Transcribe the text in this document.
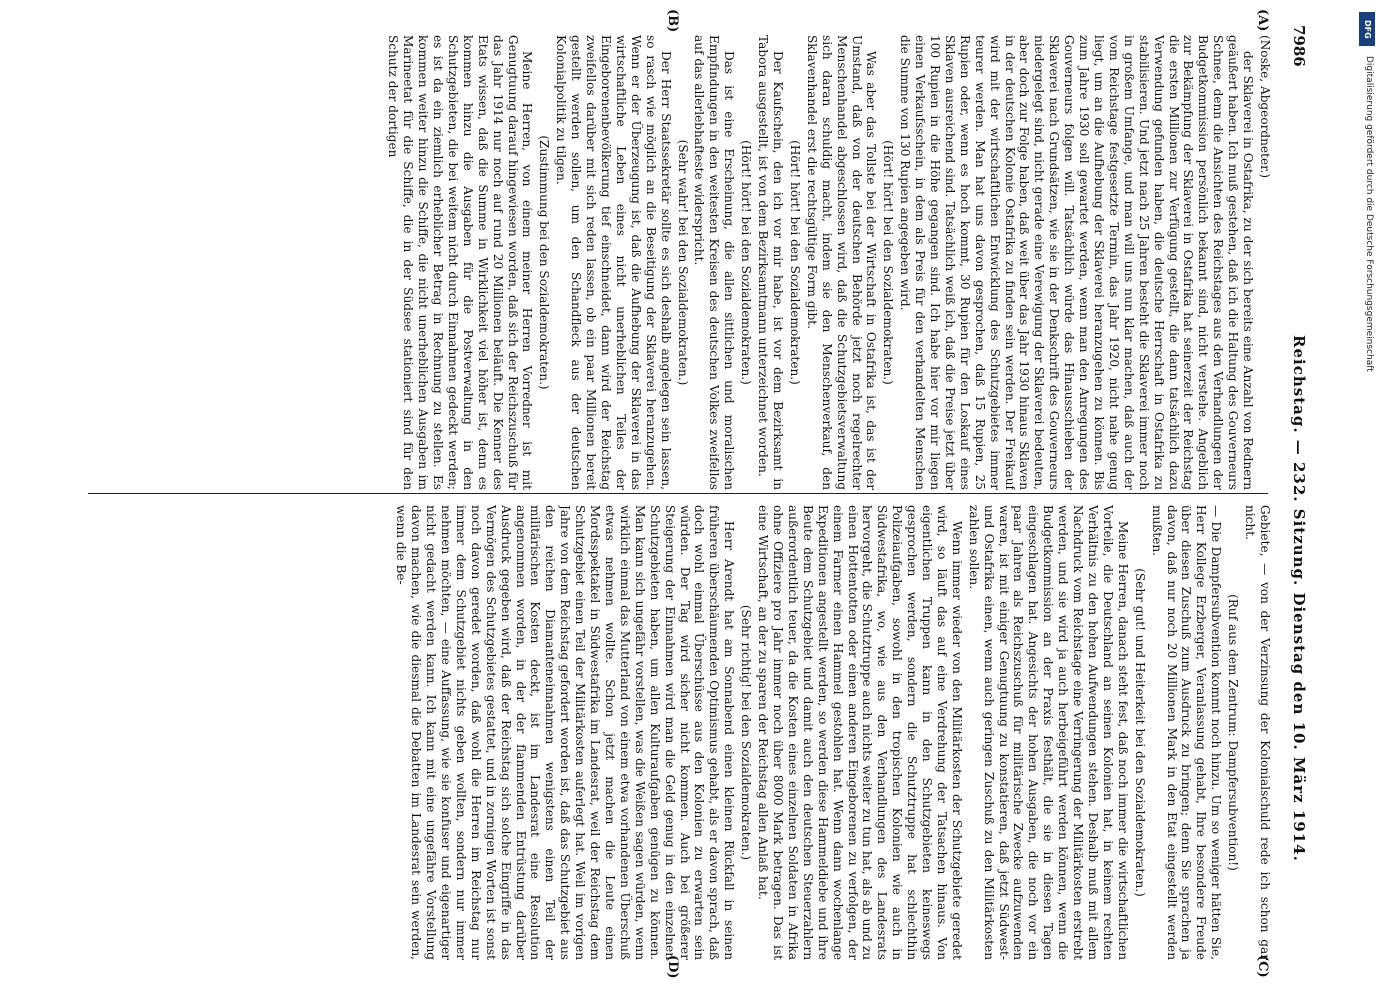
7986
Reichstag. — 232. Sitzung. Dienstag den 10. März 1914.
(A)
(B)
(C)
(D)

(Noske, Abgeordneter.)

der Sklaverei in Ostafrika, zu der sich bereits eine Anzahl von Rednern geäußert haben. Ich muß gestehen, daß ich die Haltung des Gouverneurs Schnee, denn die Ansichten des Reichstages aus den Verhandlungen der Budgetkommission persönlich bekannt sind, nicht verstehe. Angeblich zur Bekämpfung der Sklaverei in Ostafrika hat seinerzeit der Reichstag die ersten Millionen zur Verfügung gestellt, die dann tatsächlich dazu Verwendung gefunden haben, die deutsche Herrschaft in Ostafrika zu stabilisieren. Und jetzt nach 25 Jahren besteht die Sklaverei immer noch in großem Umfange, und man will uns nun klar machen, daß auch der vom Reichstage festgesetzte Termin, das Jahr 1920, nicht nahe genug liegt, um an die Aufhebung der Sklaverei heranzugehen zu können. Bis zum Jahre 1930 soll gewartet werden, wenn man den Anregungen des Gouverneurs folgen will. Tatsächlich würde das Hinausschieben der Sklaverei nach Grundsätzen, wie sie in der Denkschrift des Gouverneurs niedergelegt sind, nicht gerade eine Verewigung der Sklaverei bedeuten, aber doch zur Folge haben, daß weit über das Jahr 1930 hinaus Sklaven in der deutschen Kolonie Ostafrika zu finden sein werden. Der Freikauf wird mit der wirtschaftlichen Entwicklung des Schutzgebietes immer teurer werden. Man hat uns davon gesprochen, daß 15 Rupien, 25 Rupien oder, wenn es hoch kommt, 30 Rupien für den Loskauf eines Sklaven ausreichend sind. Tatsächlich weiß ich, daß die Preise jetzt über 100 Rupien in die Höhe gegangen sind. Ich habe hier vor mir liegen einen Verkaufsschein, in dem als Preis für den verhandelten Menschen die Summe von 130 Rupien angegeben wird.

(Hört! hört! bei den Sozialdemokraten.)

Was aber das Tollste bei der Wirtschaft in Ostafrika ist, das ist der Umstand, daß von der deutschen Behörde jetzt noch regelrechter Menschenhandel abgeschlossen wird, daß die Schutzgebietsverwaltung sich daran schuldig macht, indem sie den Menschenverkauf, den Sklavenhandel erst die rechtsgültige Form gibt.

(Hört! hört! bei den Sozialdemokraten.)

Der Kaufschein, den ich vor mir habe, ist vor dem Bezirksamt in Tabora ausgestellt, ist von dem Bezirksamtmann unterzeichnet worden.

(Hört! hört! bei den Sozialdemokraten.)

Das ist eine Erscheinung, die allen sittlichen und moralischen Empfindungen in den weitesten Kreisen des deutschen Volkes zweifellos auf das allerlebhafteste widerspricht.

(Sehr wahr! bei den Sozialdemokraten.)

Der Herr Staatssekretär sollte es sich deshalb angelegen sein lassen, so rasch wie möglich an die Beseitigung der Sklaverei heranzugehen. Wenn er der Überzeugung ist, daß die Aufhebung der Sklaverei in das wirtschaftliche Leben eines nicht unerheblichen Teiles der Eingeborenenbevölkerung tief einschneidet, dann wird der Reichstag zweifellos darüber mit sich reden lassen, ob ein paar Millionen bereit gestellt werden sollen, um den Schandfleck aus der deutschen Kolonialpolitik zu tilgen.

(Zustimmung bei den Sozialdemokraten.)

Meine Herren, von einem meiner Herren Vorredner ist mit Genugtuung darauf hingewiesen worden, daß sich der Reichszuschuß für das Jahr 1914 nur noch auf rund 20 Millionen beläuft. Die Kenner des Etats wissen, daß die Summe in Wirklichkeit viel höher ist, denn es kommen hinzu die Ausgaben für die Postverwaltung in den Schutzgebieten, die bei weitem nicht durch Einnahmen gedeckt werden; es ist da ein ziemlich erheblicher Betrag in Rechnung zu stellen. Es kommen weiter hinzu die Schiffe, die nicht unerheblichen Ausgaben im Marineetat für die Schiffe, die in der Südsee stationiert sind für den Schutz der dortigen

Gebiete, — von der Verzinsung der Kolonialschuld rede ich schon gar nicht.

(Ruf aus dem Zentrum: Dampfersubvention!)

— Die Dampfersubvention kommt noch hinzu. Um so weniger hätten Sie, Herr Kollege Erzberger, Veranlassung gehabt, Ihre besondere Freude über diesen Zuschuß zum Ausdruck zu bringen; denn Sie sprachen ja davon, daß nur noch 20 Millionen Mark in den Etat eingestellt werden mußten.

(Sehr gut! und Heiterkeit bei den Sozialdemokraten.)

Meine Herren, danach steht fest, daß noch immer die wirtschaftlichen Vorteile, die Deutschland an seinen Kolonien hat, in keinem rechten Verhältnis zu den hohen Aufwendungen stehen. Deshalb muß mit allem Nachdruck vom Reichstage eine Verringerung der Militärkosten erstrebt werden, und sie wird ja auch herbeigeführt werden können, wenn die Budgetkommission an der Praxis festhält, die sie in diesen Tagen eingeschlagen hat. Angesichts der hohen Ausgaben, die noch vor ein paar Jahren als Reichszuschuß für militärische Zwecke aufzuwenden waren, ist mit einiger Genugtuung zu konstatieren, daß jetzt Südwest- und Ostafrika einen, wenn auch geringen Zuschuß zu den Militärkosten zahlen sollen.

Wenn immer wieder von den Militärkosten der Schutzgebiete geredet wird, so läuft das auf eine Verdrehung der Tatsachen hinaus. Von eigentlichen Truppen kann in den Schutzgebieten keineswegs gesprochen werden, sondern die Schutztruppe hat schlechthin Polizeiaufgaben, sowohl in den tropischen Kolonien wie auch in Südwestafrika, wo, wie aus den Verhandlungen des Landesrats hervorgeht, die Schutztruppe auch nichts weiter zu tun hat, als ab und zu einen Hottentotten oder einen anderen Eingeborenen zu verfolgen, der einem Farmer einen Hammel gestohlen hat. Wenn dann wochenlange Expeditionen angestellt werden, so werden diese Hammeldiebe und ihre Beute dem Schutzgebiet und damit auch den deutschen Steuerzahlern außerordentlich teuer, da die Kosten eines einzelnen Soldaten in Afrika ohne Offiziere pro Jahr immer noch über 8000 Mark betragen. Das ist eine Wirtschaft, an der zu sparen der Reichstag allen Anlaß hat.

(Sehr richtig! bei den Sozialdemokraten.)

Herr Arendt hat am Sonnabend einen kleinen Rückfall in seinen früheren überschäumenden Optimismus gehabt, als er davon sprach, daß doch wohl einmal Überschüsse aus den Kolonien zu erwarten sein würden. Der Tag wird sicher nicht kommen. Auch bei größerer Steigerung der Einnahmen wird man die Geld genug in den einzelnen Schutzgebieten haben, um allen Kulturaufgaben genügen zu können. Man kann sich ungefähr vorstellen, was die Weißen sagen würden, wenn wirklich einmal das Mutterland von einem etwa vorhandenen Überschuß etwas nehmen wollte. Schon jetzt machen die Leute einen Mordsspektakel in Südwestafrika im Landesrat, weil der Reichstag dem Schutzgebiet einen Teil der Militärkosten auferlegt hat. Weil im vorigen Jahre von dem Reichstag gefordert worden ist, daß das Schutzgebiet aus den reichen Diamanteneinnahmen wenigstens einen Teil der militärischen Kosten deckt, ist im Landesrat eine Resolution angenommen worden, in der der flammenden Entrüstung darüber Ausdruck gegeben wird, daß der Reichstag sich solche Eingriffe in das Vermögen des Schutzgebietes gestattet, und in zornigen Worten ist sonst noch davon geredet worden, daß wohl die Herren im Reichstag nur immer dem Schutzgebiet nichts geben wollten, sondern nur immer nehmen möchten, — eine Auffassung, wie sie konfuser und eigenartiger nicht gedacht werden kann. Ich kann mit eine ungefähre Vorstellung davon machen, wie die diesmal die Debatten im Landesrat sein werden, wenn die Be-

DFG
Digitalisierung gefördert durch die Deutsche Forschungsgemeinschaft
